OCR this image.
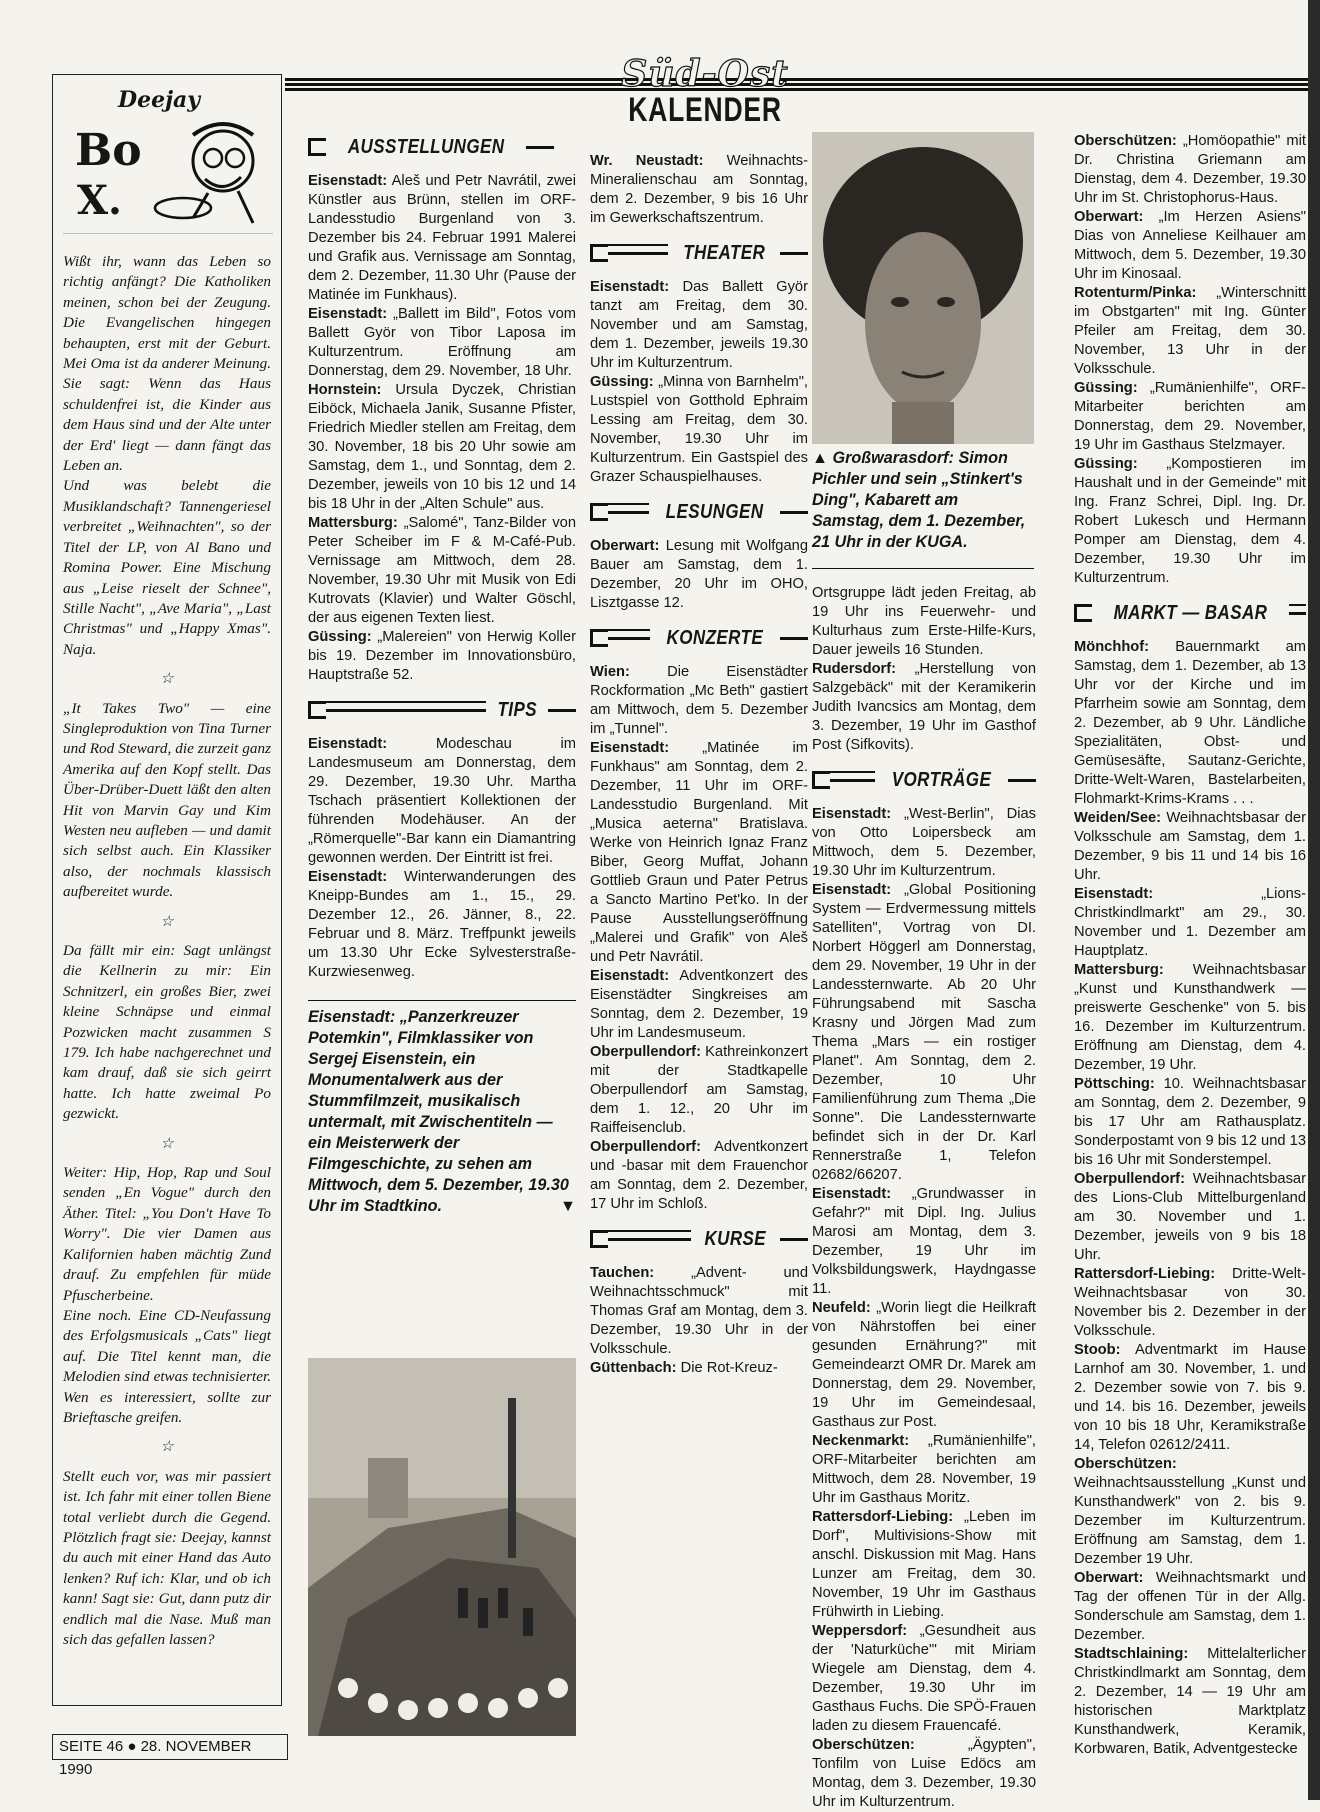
Deejay
Bo
X.

Wißt ihr, wann das Leben so richtig anfängt? Die Katholiken meinen, schon bei der Zeugung. Die Evangelischen hingegen behaupten, erst mit der Geburt. Mei Oma ist da anderer Meinung. Sie sagt: Wenn das Haus schuldenfrei ist, die Kinder aus dem Haus sind und der Alte unter der Erd' liegt — dann fängt das Leben an.

Und was belebt die Musiklandschaft? Tannengeriesel verbreitet „Weihnachten", so der Titel der LP, von Al Bano und Romina Power. Eine Mischung aus „Leise rieselt der Schnee", Stille Nacht", „Ave Maria", „Last Christmas" und „Happy Xmas". Naja.

☆

„It Takes Two" — eine Singleproduktion von Tina Turner und Rod Steward, die zurzeit ganz Amerika auf den Kopf stellt. Das Über-Drüber-Duett läßt den alten Hit von Marvin Gay und Kim Westen neu aufleben — und damit sich selbst auch. Ein Klassiker also, der nochmals klassisch aufbereitet wurde.

☆

Da fällt mir ein: Sagt unlängst die Kellnerin zu mir: Ein Schnitzerl, ein großes Bier, zwei kleine Schnäpse und einmal Pozwicken macht zusammen S 179. Ich habe nachgerechnet und kam drauf, daß sie sich geirrt hatte. Ich hatte zweimal Po gezwickt.

☆

Weiter: Hip, Hop, Rap und Soul senden „En Vogue" durch den Äther. Titel: „You Don't Have To Worry". Die vier Damen aus Kalifornien haben mächtig Zund drauf. Zu empfehlen für müde Pfuscherbeine.

Eine noch. Eine CD-Neufassung des Erfolgsmusicals „Cats" liegt auf. Die Titel kennt man, die Melodien sind etwas technisierter. Wen es interessiert, sollte zur Brieftasche greifen.

☆

Stellt euch vor, was mir passiert ist. Ich fahr mit einer tollen Biene total verliebt durch die Gegend. Plötzlich fragt sie: Deejay, kannst du auch mit einer Hand das Auto lenken? Ruf ich: Klar, und ob ich kann! Sagt sie: Gut, dann putz dir endlich mal die Nase. Muß man sich das gefallen lassen?

SEITE 46 ● 28. NOVEMBER 1990
Süd-Ost
KALENDER
AUSSTELLUNGEN

Eisenstadt: Aleš und Petr Navrátil, zwei Künstler aus Brünn, stellen im ORF-Landesstudio Burgenland von 3. Dezember bis 24. Februar 1991 Malerei und Grafik aus. Vernissage am Sonntag, dem 2. Dezember, 11.30 Uhr (Pause der Matinée im Funkhaus).

Eisenstadt: „Ballett im Bild", Fotos vom Ballett Györ von Tibor Laposa im Kulturzentrum. Eröffnung am Donnerstag, dem 29. November, 18 Uhr.

Hornstein: Ursula Dyczek, Christian Eiböck, Michaela Janik, Susanne Pfister, Friedrich Miedler stellen am Freitag, dem 30. November, 18 bis 20 Uhr sowie am Samstag, dem 1., und Sonntag, dem 2. Dezember, jeweils von 10 bis 12 und 14 bis 18 Uhr in der „Alten Schule" aus.

Mattersburg: „Salomé", Tanz-Bilder von Peter Scheiber im F & M-Café-Pub. Vernissage am Mittwoch, dem 28. November, 19.30 Uhr mit Musik von Edi Kutrovats (Klavier) und Walter Göschl, der aus eigenen Texten liest.

Güssing: „Malereien" von Herwig Koller bis 19. Dezember im Innovationsbüro, Hauptstraße 52.

TIPS

Eisenstadt:	Modeschau im Landesmuseum am Donnerstag, dem 29. Dezember, 19.30 Uhr. Martha Tschach präsentiert Kollektionen der führenden Modehäuser. An der „Römerquelle"-Bar kann ein Diamantring gewonnen werden. Der Eintritt ist frei.

Eisenstadt: Winterwanderungen des Kneipp-Bundes am 1., 15., 29. Dezember 12., 26. Jänner, 8., 22. Februar und 8. März. Treffpunkt jeweils um 13.30 Uhr Ecke Sylvesterstraße-Kurzwiesenweg.

Eisenstadt: „Panzerkreuzer Potemkin", Filmklassiker von Sergej Eisenstein, ein Monumentalwerk aus der Stummfilmzeit, musikalisch untermalt, mit Zwischentiteln — ein Meisterwerk der Filmgeschichte, zu sehen am Mittwoch, dem 5. Dezember, 19.30 Uhr im Stadtkino.	▼

Wr. Neustadt: Weihnachts-Mineralienschau am Sonntag, dem 2. Dezember, 9 bis 16 Uhr im Gewerkschaftszentrum.

THEATER

Eisenstadt: Das Ballett Györ tanzt am Freitag, dem 30. November und am Samstag, dem 1. Dezember, jeweils 19.30 Uhr im Kulturzentrum.

Güssing: „Minna von Barnhelm", Lustspiel von Gotthold Ephraim Lessing am Freitag, dem 30. November, 19.30 Uhr im Kulturzentrum. Ein Gastspiel des Grazer Schauspielhauses.

LESUNGEN

Oberwart: Lesung mit Wolfgang Bauer am Samstag, dem 1. Dezember, 20 Uhr im OHO, Lisztgasse 12.

KONZERTE

Wien:	Die Eisenstädter Rockformation „Mc Beth" gastiert am Mittwoch, dem 5. Dezember im „Tunnel".

Eisenstadt: „Matinée im Funkhaus" am Sonntag, dem 2. Dezember, 11 Uhr im ORF-Landesstudio Burgenland. Mit „Musica aeterna" Bratislava. Werke von Heinrich Ignaz Franz Biber, Georg Muffat, Johann Gottlieb Graun und Pater Petrus a Sancto Martino Pet'ko. In der Pause Ausstellungseröffnung „Malerei und Grafik" von Aleš und Petr Navrátil.

Eisenstadt: Adventkonzert des Eisenstädter Singkreises am Sonntag, dem 2. Dezember, 19 Uhr im Landesmuseum.

Oberpullendorf: Kathreinkonzert mit der Stadtkapelle Oberpullendorf am Samstag, dem 1. 12., 20 Uhr im Raiffeisenclub.

Oberpullendorf: Adventkonzert und -basar mit dem Frauenchor am Sonntag, dem 2. Dezember, 17 Uhr im Schloß.

KURSE

Tauchen:	„Advent- und Weihnachtsschmuck" mit Thomas Graf am Montag, dem 3. Dezember, 19.30 Uhr in der Volksschule.

Güttenbach: Die Rot-Kreuz-

▲ Großwarasdorf: Simon Pichler und sein „Stinkert's Ding", Kabarett am Samstag, dem 1. Dezember, 21 Uhr in der KUGA.

Ortsgruppe lädt jeden Freitag, ab 19 Uhr ins Feuerwehr- und Kulturhaus zum Erste-Hilfe-Kurs, Dauer jeweils 16 Stunden.

Rudersdorf: „Herstellung von Salzgebäck" mit der Keramikerin Judith Ivancsics am Montag, dem 3. Dezember, 19 Uhr im Gasthof Post (Sifkovits).

VORTRÄGE

Eisenstadt: „West-Berlin", Dias von Otto Loipersbeck am Mittwoch, dem 5. Dezember, 19.30 Uhr im Kulturzentrum.

Eisenstadt: „Global Positioning System — Erdvermessung mittels Satelliten", Vortrag von DI. Norbert Höggerl am Donnerstag, dem 29. November, 19 Uhr in der Landessternwarte. Ab 20 Uhr Führungsabend mit Sascha Krasny und Jörgen Mad zum Thema „Mars — ein rostiger Planet". Am Sonntag, dem 2. Dezember, 10 Uhr Familienführung zum Thema „Die Sonne". Die Landessternwarte befindet sich in der Dr. Karl Rennerstraße 1, Telefon 02682/66207.

Eisenstadt: „Grundwasser in Gefahr?" mit Dipl. Ing. Julius Marosi am Montag, dem 3. Dezember, 19 Uhr im Volksbildungswerk, Haydngasse 11.

Neufeld: „Worin liegt die Heilkraft von Nährstoffen bei einer gesunden Ernährung?" mit Gemeindearzt OMR Dr. Marek am Donnerstag, dem 29. November, 19 Uhr im Gemeindesaal, Gasthaus zur Post.

Neckenmarkt: „Rumänienhilfe", ORF-Mitarbeiter berichten am Mittwoch, dem 28. November, 19 Uhr im Gasthaus Moritz.

Rattersdorf-Liebing: „Leben im Dorf", Multivisions-Show mit anschl. Diskussion mit Mag. Hans Lunzer am Freitag, dem 30. November, 19 Uhr im Gasthaus Frühwirth in Liebing.

Weppersdorf: „Gesundheit aus der 'Naturküche'" mit Miriam Wiegele am Dienstag, dem 4. Dezember, 19.30 Uhr im Gasthaus Fuchs. Die SPÖ-Frauen laden zu diesem Frauencafé.

Oberschützen:	„Ägypten", Tonfilm von Luise Edöcs am Montag, dem 3. Dezember, 19.30 Uhr im Kulturzentrum.

Oberschützen: „Homöopathie" mit Dr. Christina Griemann am Dienstag, dem 4. Dezember, 19.30 Uhr im St. Christophorus-Haus.

Oberwart: „Im Herzen Asiens" Dias von Anneliese Keilhauer am Mittwoch, dem 5. Dezember, 19.30 Uhr im Kinosaal.

Rotenturm/Pinka: „Winterschnitt im Obstgarten" mit Ing. Günter Pfeiler am Freitag, dem 30. November, 13 Uhr in der Volksschule.

Güssing: „Rumänienhilfe", ORF-Mitarbeiter berichten am Donnerstag, dem 29. November, 19 Uhr im Gasthaus Stelzmayer.

Güssing: „Kompostieren im Haushalt und in der Gemeinde" mit Ing. Franz Schrei, Dipl. Ing. Dr. Robert Lukesch und Hermann Pomper am Dienstag, dem 4. Dezember, 19.30 Uhr im Kulturzentrum.

MARKT — BASAR

Mönchhof: Bauernmarkt am Samstag, dem 1. Dezember, ab 13 Uhr vor der Kirche und im Pfarrheim sowie am Sonntag, dem 2. Dezember, ab 9 Uhr. Ländliche Spezialitäten, Obst- und Gemüsesäfte, Sautanz-Gerichte, Dritte-Welt-Waren, Bastelarbeiten, Flohmarkt-Krims-Krams . . .

Weiden/See: Weihnachtsbasar der Volksschule am Samstag, dem 1. Dezember, 9 bis 11 und 14 bis 16 Uhr.

Eisenstadt:	„Lions-Christkindlmarkt" am 29., 30. November und 1. Dezember am Hauptplatz.

Mattersburg: Weihnachtsbasar „Kunst und Kunsthandwerk — preiswerte Geschenke" von 5. bis 16. Dezember im Kulturzentrum. Eröffnung am Dienstag, dem 4. Dezember, 19 Uhr.

Pöttsching: 10. Weihnachtsbasar am Sonntag, dem 2. Dezember, 9 bis 17 Uhr am Rathausplatz. Sonderpostamt von 9 bis 12 und 13 bis 16 Uhr mit Sonderstempel.

Oberpullendorf: Weihnachtsbasar des Lions-Club Mittelburgenland am 30. November und 1. Dezember, jeweils von 9 bis 18 Uhr.

Rattersdorf-Liebing: Dritte-Welt-Weihnachtsbasar von 30. November bis 2. Dezember in der Volksschule.

Stoob: Adventmarkt im Hause Larnhof am 30. November, 1. und 2. Dezember sowie von 7. bis 9. und 14. bis 16. Dezember, jeweils von 10 bis 18 Uhr, Keramikstraße 14, Telefon 02612/2411.

Oberschützen: Weihnachtsausstellung „Kunst und Kunsthandwerk" von 2. bis 9. Dezember im Kulturzentrum. Eröffnung am Samstag, dem 1. Dezember 19 Uhr.

Oberwart: Weihnachtsmarkt und Tag der offenen Tür in der Allg. Sonderschule am Samstag, dem 1. Dezember.

Stadtschlaining: Mittelalterlicher Christkindlmarkt am Sonntag, dem 2. Dezember, 14 — 19 Uhr am historischen Marktplatz Kunsthandwerk, Keramik, Korbwaren, Batik, Adventgestecke
